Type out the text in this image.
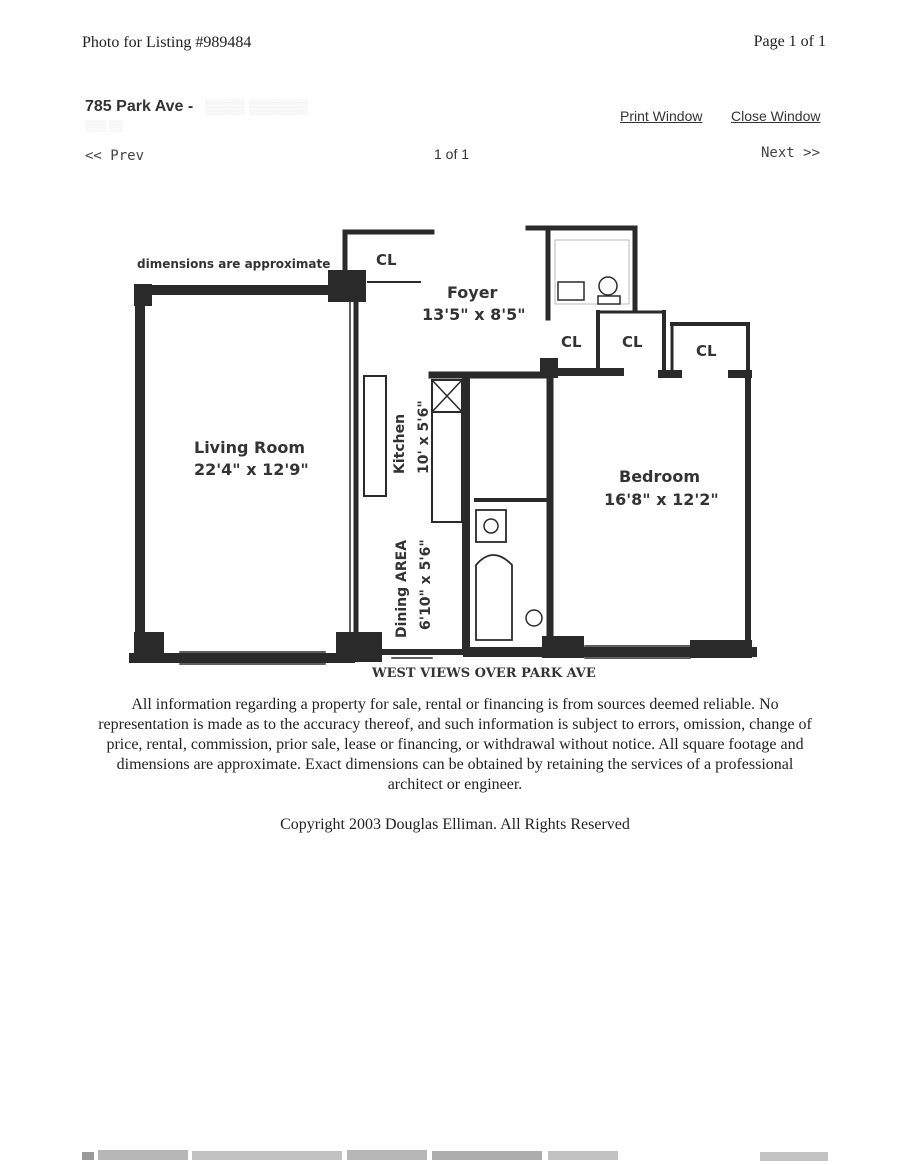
Photo for Listing #989484	Page 1 of 1
785 Park Ave - ▒▒▒▒ ▒▒▒▒▒▒
▒▒▒ ▒▒
Print Window Close Window
<< Prev	1 of 1	Next >>
dimensions are approximate	CL
Foyer
13'5" x 8'5"
CL	CL	CL
Living Room
22'4" x 12'9"	Bedroom
16'8" x 12'2"
Kitchen 10' x 5'6"
Dining AREA 6'10" x 5'6"
WEST VIEWS OVER PARK AVE
All information regarding a property for sale, rental or financing is from sources deemed reliable. No representation is made as to the accuracy thereof, and such information is subject to errors, omission, change of price, rental, commission, prior sale, lease or financing, or withdrawal without notice. All square footage and dimensions are approximate. Exact dimensions can be obtained by retaining the services of a professional architect or engineer.
Copyright 2003 Douglas Elliman. All Rights Reserved
